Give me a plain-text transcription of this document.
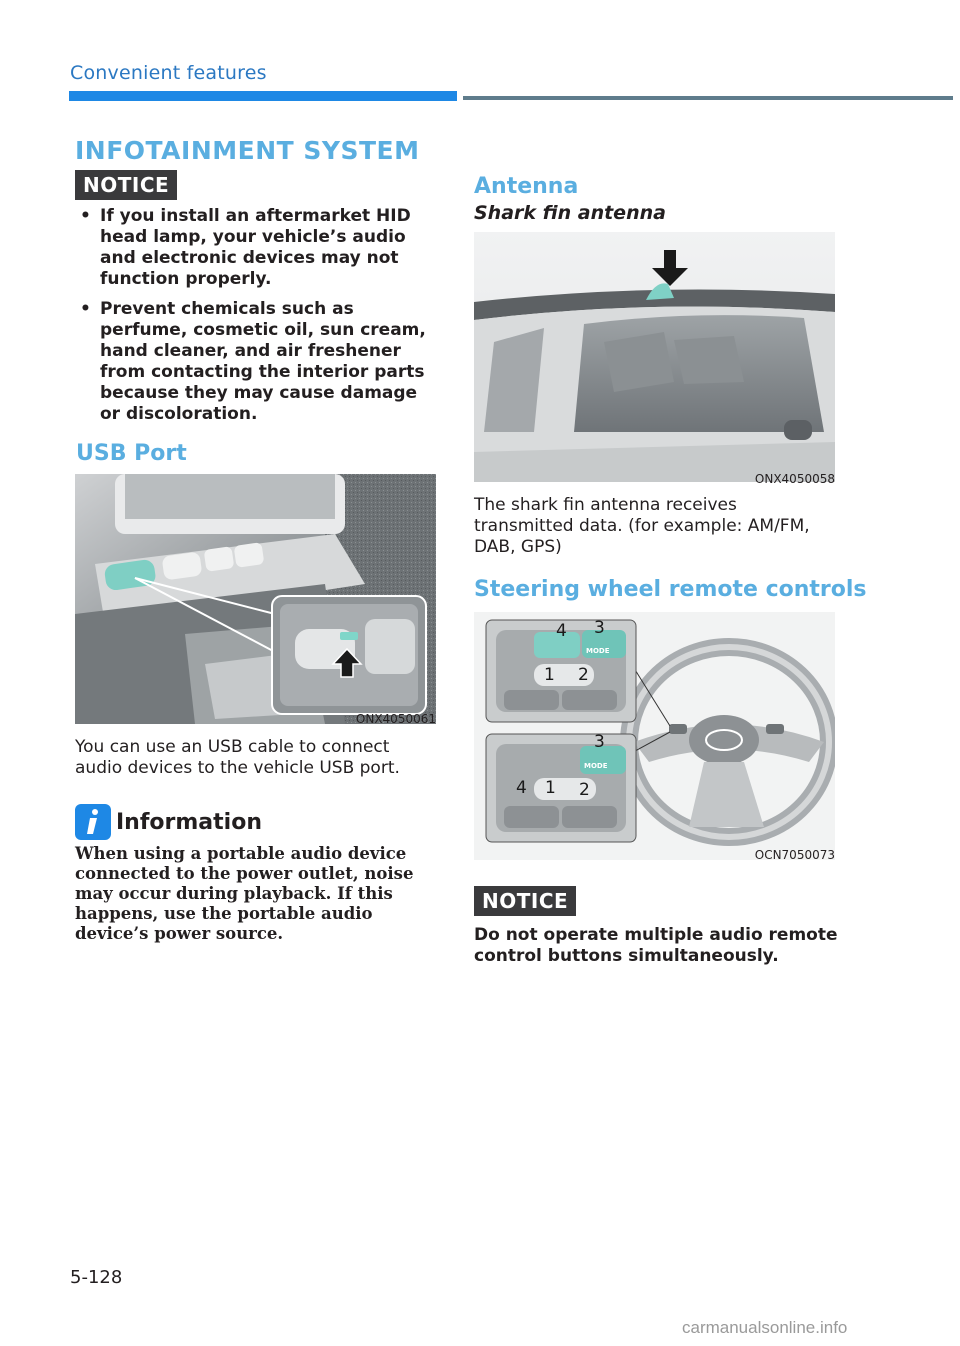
Convenient features
INFOTAINMENT SYSTEM
NOTICE
• If you install an aftermarket HID head lamp, your vehicle’s audio and electronic devices may not function properly.
• Prevent chemicals such as perfume, cosmetic oil, sun cream, hand cleaner, and air freshener from contacting the interior parts because they may cause damage or discoloration.
USB Port
ONX4050061
You can use an USB cable to connect audio devices to the vehicle USB port.
Information
When using a portable audio device connected to the power outlet, noise may occur during playback. If this happens, use the portable audio device’s power source.
Antenna
Shark fin antenna
ONX4050058
The shark fin antenna receives transmitted data. (for example: AM/FM, DAB, GPS)
Steering wheel remote controls
MODE
MODE
4 3
1 2
3
4 1 2
OCN7050073
NOTICE
Do not operate multiple audio remote control buttons simultaneously.
5-128
carmanualsonline.info
